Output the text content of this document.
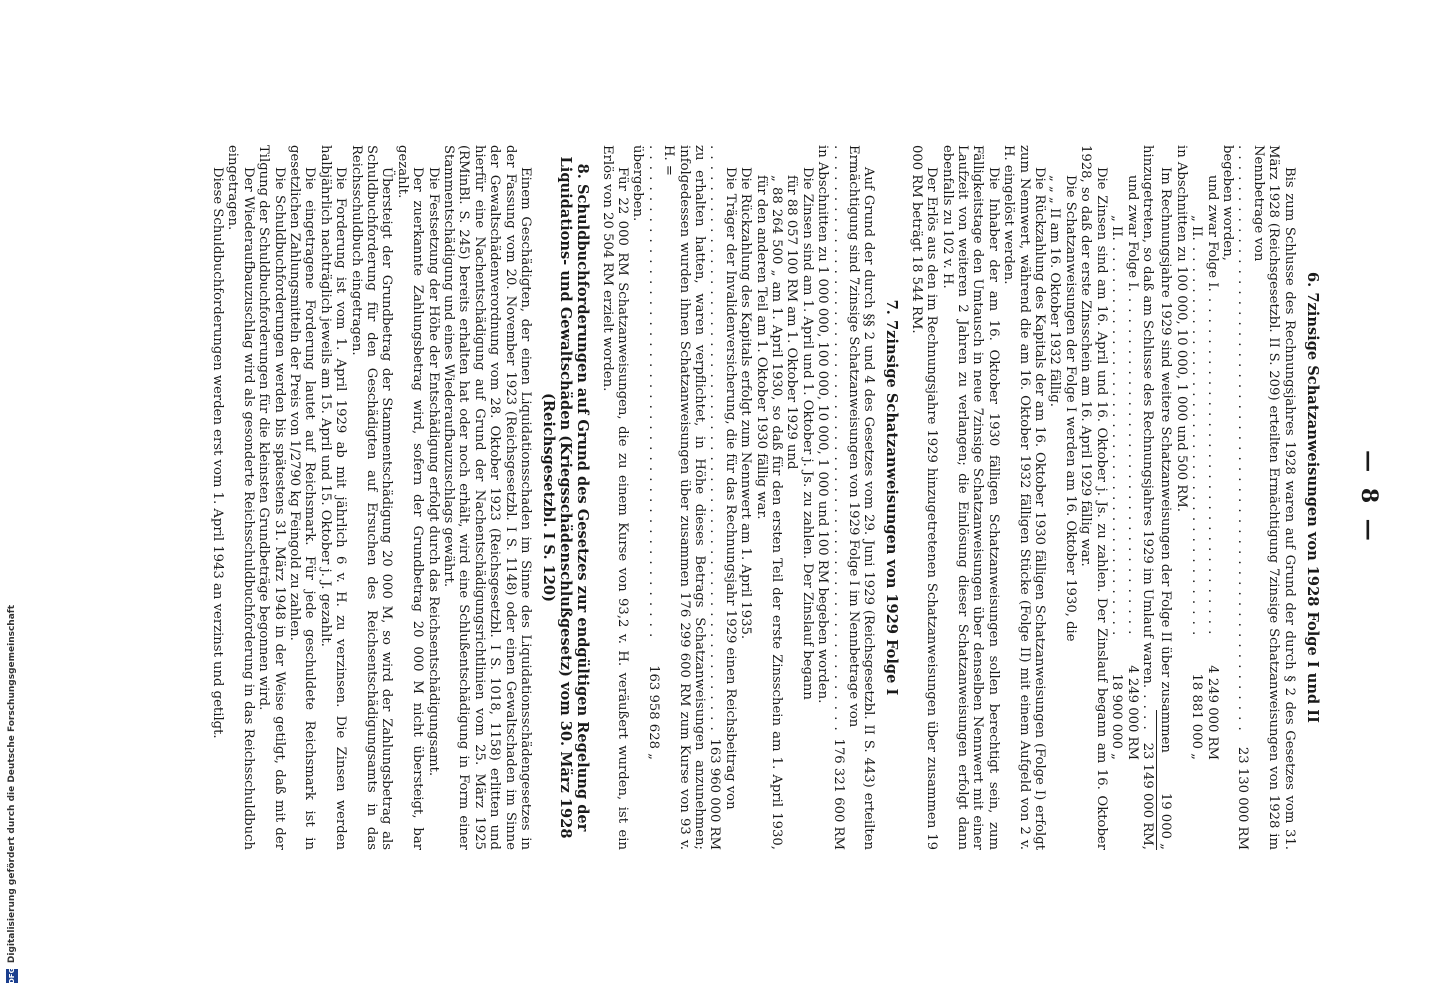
— 8 —
6. 7zinsige Schatzanweisungen von 1928 Folge I und II
Bis zum Schlusse des Rechnungsjahres 1928 waren auf Grund der durch § 2 des Gesetzes vom 31. März 1928 (Reichsgesetzbl. II S. 209) erteilten Ermächtigung 7zinsige Schatzanweisungen von 1928 im Nennbetrage von
. . .
23 130 000 RM

begeben worden,

und zwar Folge I
. . .
4 249 000 RM
„ II
. . .
18 881 000 „

in Abschnitten zu 100 000, 10 000, 1 000 und 500 RM.

Im Rechnungsjahre 1929 sind weitere Schatzanweisungen der Folge II über zusammen
19 000 „
hinzugetreten, so daß am Schlusse des Rechnungsjahres 1929 im Umlauf waren
. . .
23 149 000 RM,
und zwar Folge I
. . .
4 249 000 RM
„ II
. . .
18 900 000 „

Die Zinsen sind am 16. April und 16. Oktober j. Js. zu zahlen. Der Zinslauf begann am 16. Oktober 1928, so daß der erste Zinsschein am 16. April 1929 fällig war.

Die Schatzanweisungen der Folge I werden am 16. Oktober 1930, die

„ „ „ II am 16. Oktober 1932 fällig.

Die Rückzahlung des Kapitals der am 16. Oktober 1930 fälligen Schatzanweisungen (Folge I) erfolgt zum Nennwert, während die am 16. Oktober 1932 fälligen Stücke (Folge II) mit einem Aufgeld von 2 v. H. eingelöst werden.

Die Inhaber der am 16. Oktober 1930 fälligen Schatzanweisungen sollen berechtigt sein, zum Fälligkeitstage den Umtausch in neue 7zinsige Schatzanweisungen über denselben Nennwert mit einer Laufzeit von weiteren 2 Jahren zu verlangen; die Einlösung dieser Schatzanweisungen erfolgt dann ebenfalls zu 102 v. H.

Der Erlös aus den im Rechnungsjahre 1929 hinzugetretenen Schatzanweisungen über zusammen 19 000 RM beträgt 18 544 RM.

7. 7zinsige Schatzanweisungen von 1929 Folge I

Auf Grund der durch §§ 2 und 4 des Gesetzes vom 29. Juni 1929 (Reichsgesetzbl. II S. 443) erteilten Ermächtigung sind 7zinsige Schatzanweisungen von 1929 Folge I im Nennbetrage von

. . .
176 321 600 RM

in Abschnitten zu 1 000 000, 100 000, 10 000, 1 000 und 100 RM begeben worden.

Die Zinsen sind am 1. April und 1. Oktober j. Js. zu zahlen. Der Zinslauf begann

für 88 057 100 RM am 1. Oktober 1929 und

„ 88 264 500 „ am 1. April 1930, so daß für den ersten Teil der erste Zinsschein am 1. April 1930, für den anderen Teil am 1. Oktober 1930 fällig war.

Die Rückzahlung des Kapitals erfolgt zum Nennwert am 1. April 1935.

Die Träger der Invalidenversicherung, die für das Rechnungsjahr 1929 einen Reichsbeitrag von

. . .
163 960 000 RM

zu erhalten hatten, waren verpflichtet, in Höhe dieses Betrags Schatzanweisungen anzunehmen; infolgedessen wurden ihnen Schatzanweisungen über zusammen 176 299 600 RM zum Kurse von 93 v. H. =

. . .
163 958 628 „

übergeben.

Für 22 000 RM Schatzanweisungen, die zu einem Kurse von 93,2 v. H. veräußert wurden, ist ein Erlös von 20 504 RM erzielt worden.

8. Schuldbuchforderungen auf Grund des Gesetzes zur endgültigen Regelung der Liquidations- und Gewaltschäden (Kriegsschädenschlußgesetz) vom 30. März 1928 (Reichsgesetzbl. I S. 120)

Einem Geschädigten, der einen Liquidationsschaden im Sinne des Liquidationsschädengesetzes in der Fassung vom 20. November 1923 (Reichsgesetzbl. I S. 1148) oder einen Gewaltschaden im Sinne der Gewaltschädenverordnung vom 28. Oktober 1923 (Reichsgesetzbl. I S. 1018, 1158) erlitten und hierfür eine Nachentschädigung auf Grund der Nachentschädigungsrichtlinien vom 25. März 1925 (RMinBl. S. 245) bereits erhalten hat oder noch erhält, wird eine Schlußentschädigung in Form einer Stammentschädigung und eines Wiederaufbauzuschlags gewährt.

Die Festsetzung der Höhe der Entschädigung erfolgt durch das Reichsentschädigungsamt.

Der zuerkannte Zahlungsbetrag wird, sofern der Grundbetrag 20 000 M nicht übersteigt, bar gezahlt.

Übersteigt der Grundbetrag der Stammentschädigung 20 000 M, so wird der Zahlungsbetrag als Schuldbuchforderung für den Geschädigten auf Ersuchen des Reichsentschädigungsamts in das Reichsschuldbuch eingetragen.

Die Forderung ist vom 1. April 1929 ab mit jährlich 6 v. H. zu verzinsen. Die Zinsen werden halbjährlich nachträglich jeweils am 15. April und 15. Oktober j. J. gezahlt.

Die eingetragene Forderung lautet auf Reichsmark. Für jede geschuldete Reichsmark ist in gesetzlichen Zahlungsmitteln der Preis von 1/2790 kg Feingold zu zahlen.

Die Schuldbuchforderungen werden bis spätestens 31. März 1948 in der Weise getilgt, daß mit der Tilgung der Schuldbuchforderungen für die kleinsten Grundbeträge begonnen wird.

Der Wiederaufbauzuschlag wird als gesonderte Reichsschuldbuchforderung in das Reichsschuldbuch eingetragen.

Diese Schuldbuchforderungen werden erst vom 1. April 1943 an verzinst und getilgt.

Digitalisierung gefördert durch die Deutsche Forschungsgemeinschaft
DFG
